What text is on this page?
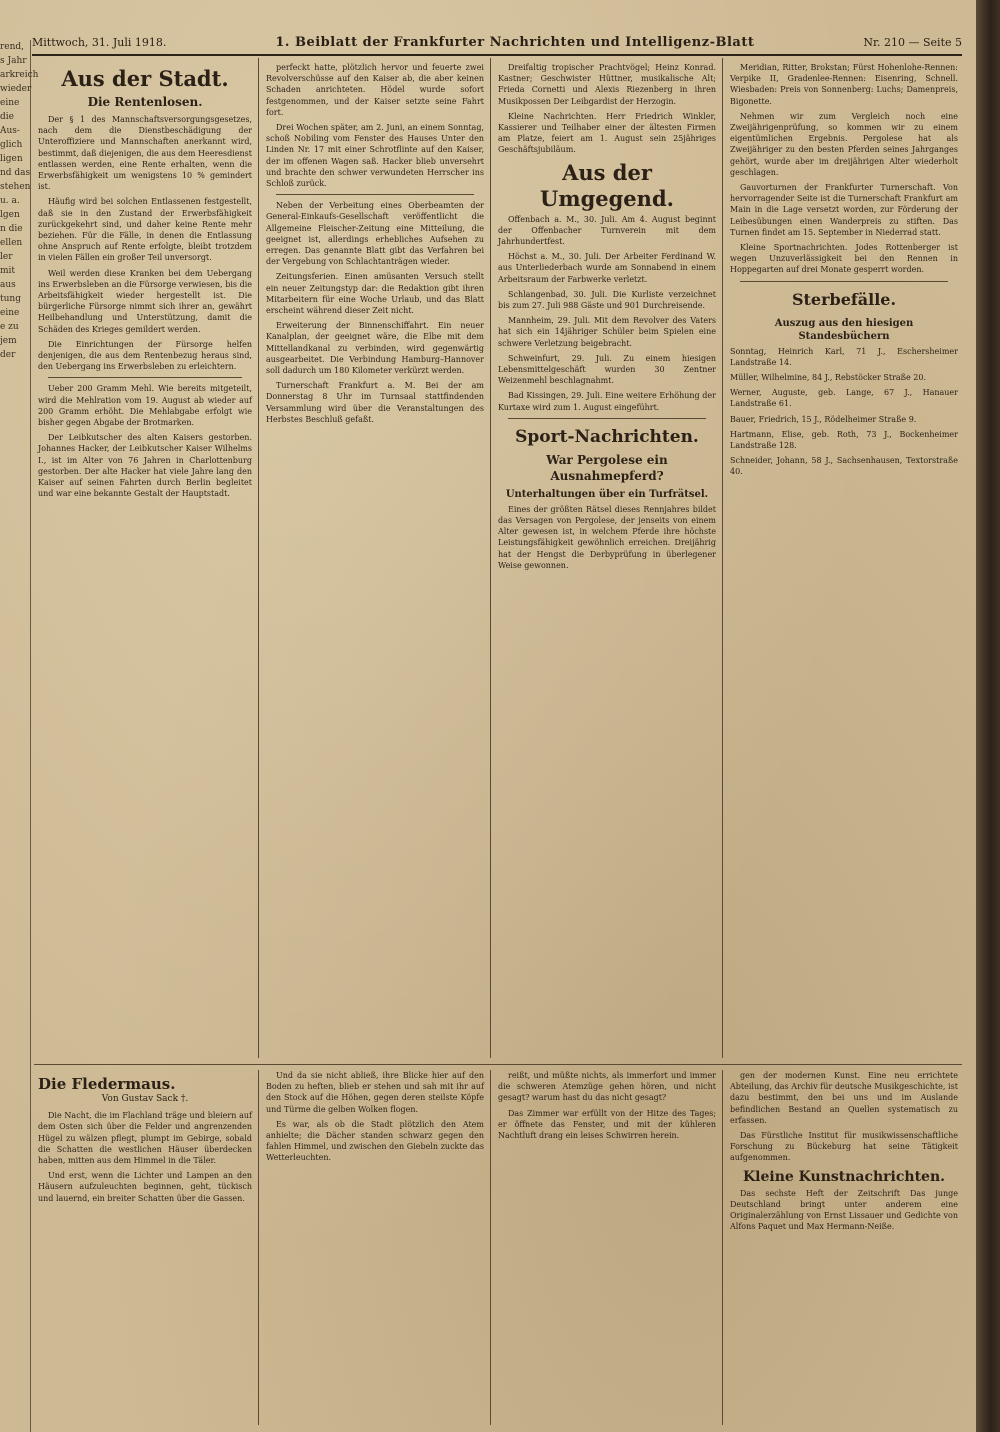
rend,
s Jahr
arkreich
wieder
eine
die
Aus-
glich
ligen
nd das
stehen
u. a.
lgen
n die
ellen
ler
mit
aus
tung
eine
e zu
jem
der
Mittwoch, 31. Juli 1918.	1. Beiblatt der Frankfurter Nachrichten und Intelligenz-Blatt	Nr. 210 — Seite 5
Aus der Stadt.
Die Rentenlosen.

Der § 1 des Mannschaftsversorgungsgesetzes, nach dem die Dienstbeschädigung der Unteroffiziere und Mannschaften anerkannt wird, bestimmt, daß diejenigen, die aus dem Heeresdienst entlassen werden, eine Rente erhalten, wenn die Erwerbsfähigkeit um wenigstens 10 % gemindert ist.

Häufig wird bei solchen Entlassenen festgestellt, daß sie in den Zustand der Erwerbsfähigkeit zurückgekehrt sind, und daher keine Rente mehr beziehen. Für die Fälle, in denen die Entlassung ohne Anspruch auf Rente erfolgte, bleibt trotzdem in vielen Fällen ein großer Teil unversorgt.

Weil werden diese Kranken bei dem Uebergang ins Erwerbsleben an die Fürsorge verwiesen, bis die Arbeitsfähigkeit wieder hergestellt ist. Die bürgerliche Fürsorge nimmt sich ihrer an, gewährt Heilbehandlung und Unterstützung, damit die Schäden des Krieges gemildert werden.

Die Einrichtungen der Fürsorge helfen denjenigen, die aus dem Rentenbezug heraus sind, den Uebergang ins Erwerbsleben zu erleichtern.

Ueber 200 Gramm Mehl. Wie bereits mitgeteilt, wird die Mehlration vom 19. August ab wieder auf 200 Gramm erhöht. Die Mehlabgabe erfolgt wie bisher gegen Abgabe der Brotmarken.

Der Leibkutscher des alten Kaisers gestorben. Johannes Hacker, der Leibkutscher Kaiser Wilhelms I., ist im Alter von 76 Jahren in Charlottenburg gestorben. Der alte Hacker hat viele Jahre lang den Kaiser auf seinen Fahrten durch Berlin begleitet und war eine bekannte Gestalt der Hauptstadt.

perfeckt hatte, plötzlich hervor und feuerte zwei Revolverschüsse auf den Kaiser ab, die aber keinen Schaden anrichteten. Hödel wurde sofort festgenommen, und der Kaiser setzte seine Fahrt fort.

Drei Wochen später, am 2. Juni, an einem Sonntag, schoß Nobiling vom Fenster des Hauses Unter den Linden Nr. 17 mit einer Schrotflinte auf den Kaiser, der im offenen Wagen saß. Hacker blieb unversehrt und brachte den schwer verwundeten Herrscher ins Schloß zurück.

Neben der Verbeitung eines Oberbeamten der General-Einkaufs-Gesellschaft veröffentlicht die Allgemeine Fleischer-Zeitung eine Mitteilung, die geeignet ist, allerdings erhebliches Aufsehen zu erregen. Das genannte Blatt gibt das Verfahren bei der Vergebung von Schlachtanträgen wieder.

Zeitungsferien. Einen amüsanten Versuch stellt ein neuer Zeitungstyp dar: die Redaktion gibt ihren Mitarbeitern für eine Woche Urlaub, und das Blatt erscheint während dieser Zeit nicht.

Erweiterung der Binnenschiffahrt. Ein neuer Kanalplan, der geeignet wäre, die Elbe mit dem Mittellandkanal zu verbinden, wird gegenwärtig ausgearbeitet. Die Verbindung Hamburg–Hannover soll dadurch um 180 Kilometer verkürzt werden.

Turnerschaft Frankfurt a. M. Bei der am Donnerstag 8 Uhr im Turnsaal stattfindenden Versammlung wird über die Veranstaltungen des Herbstes Beschluß gefaßt.

Dreifaltig tropischer Prachtvögel; Heinz Konrad. Kastner; Geschwister Hüttner, musikalische Alt; Frieda Cornetti und Alexis Riezenberg in ihren Musikpossen Der Leibgardist der Herzogin.

Kleine Nachrichten. Herr Friedrich Winkler, Kassierer und Teilhaber einer der ältesten Firmen am Platze, feiert am 1. August sein 25jähriges Geschäftsjubiläum.

Aus der Umgegend.

Offenbach a. M., 30. Juli. Am 4. August beginnt der Offenbacher Turnverein mit dem Jahrhundertfest.

Höchst a. M., 30. Juli. Der Arbeiter Ferdinand W. aus Unterliederbach wurde am Sonnabend in einem Arbeitsraum der Farbwerke verletzt.

Schlangenbad, 30. Juli. Die Kurliste verzeichnet bis zum 27. Juli 988 Gäste und 901 Durchreisende.

Mannheim, 29. Juli. Mit dem Revolver des Vaters hat sich ein 14jähriger Schüler beim Spielen eine schwere Verletzung beigebracht.

Schweinfurt, 29. Juli. Zu einem hiesigen Lebensmittelgeschäft wurden 30 Zentner Weizenmehl beschlagnahmt.

Bad Kissingen, 29. Juli. Eine weitere Erhöhung der Kurtaxe wird zum 1. August eingeführt.

Sport-Nachrichten.
War Pergolese ein Ausnahmepferd?
Unterhaltungen über ein Turfrätsel.

Eines der größten Rätsel dieses Rennjahres bildet das Versagen von Pergolese, der jenseits von einem Alter gewesen ist, in welchem Pferde ihre höchste Leistungsfähigkeit gewöhnlich erreichen. Dreijährig hat der Hengst die Derbyprüfung in überlegener Weise gewonnen.

Meridian, Ritter, Brokstan; Fürst Hohenlohe-Rennen: Verpike II, Gradenlee-Rennen: Eisenring, Schnell. Wiesbaden: Preis von Sonnenberg: Luchs; Damenpreis, Bigonette.

Nehmen wir zum Vergleich noch eine Zweijährigenprüfung, so kommen wir zu einem eigentümlichen Ergebnis. Pergolese hat als Zweijähriger zu den besten Pferden seines Jahrganges gehört, wurde aber im dreijährigen Alter wiederholt geschlagen.

Gauvorturnen der Frankfurter Turnerschaft. Von hervorragender Seite ist die Turnerschaft Frankfurt am Main in die Lage versetzt worden, zur Förderung der Leibesübungen einen Wanderpreis zu stiften. Das Turnen findet am 15. September in Niederrad statt.

Kleine Sportnachrichten. Jodes Rottenberger ist wegen Unzuverlässigkeit bei den Rennen in Hoppegarten auf drei Monate gesperrt worden.

Sterbefälle.
Auszug aus den hiesigen Standesbüchern

Sonntag, Heinrich Karl, 71 J., Eschersheimer Landstraße 14.

Müller, Wilhelmine, 84 J., Rebstöcker Straße 20.

Werner, Auguste, geb. Lange, 67 J., Hanauer Landstraße 61.

Bauer, Friedrich, 15 J., Rödelheimer Straße 9.

Hartmann, Elise, geb. Roth, 73 J., Bockenheimer Landstraße 128.

Schneider, Johann, 58 J., Sachsenhausen, Textorstraße 40.

Die Fledermaus.
Von Gustav Sack †.

Die Nacht, die im Flachland träge und bleiern auf dem Osten sich über die Felder und angrenzenden Hügel zu wälzen pflegt, plumpt im Gebirge, sobald die Schatten die westlichen Häuser überdecken haben, mitten aus dem Himmel in die Täler.

Und erst, wenn die Lichter und Lampen an den Häusern aufzuleuchten beginnen, geht, tückisch und lauernd, ein breiter Schatten über die Gassen.

Und da sie nicht abließ, ihre Blicke hier auf den Boden zu heften, blieb er stehen und sah mit ihr auf den Stock auf die Höhen, gegen deren steilste Köpfe und Türme die gelben Wolken flogen.

Es war, als ob die Stadt plötzlich den Atem anhielte; die Dächer standen schwarz gegen den fahlen Himmel, und zwischen den Giebeln zuckte das Wetterleuchten.

reißt, und müßte nichts, als immerfort und immer die schweren Atemzüge gehen hören, und nicht gesagt? warum hast du das nicht gesagt?

Das Zimmer war erfüllt von der Hitze des Tages; er öffnete das Fenster, und mit der kühleren Nachtluft drang ein leises Schwirren herein.

gen der modernen Kunst. Eine neu errichtete Abteilung, das Archiv für deutsche Musikgeschichte, ist dazu bestimmt, den bei uns und im Auslande befindlichen Bestand an Quellen systematisch zu erfassen.

Das Fürstliche Institut für musikwissenschaftliche Forschung zu Bückeburg hat seine Tätigkeit aufgenommen.

Kleine Kunstnachrichten.

Das sechste Heft der Zeitschrift Das junge Deutschland bringt unter anderem eine Originalerzählung von Ernst Lissauer und Gedichte von Alfons Paquet und Max Hermann-Neiße.
